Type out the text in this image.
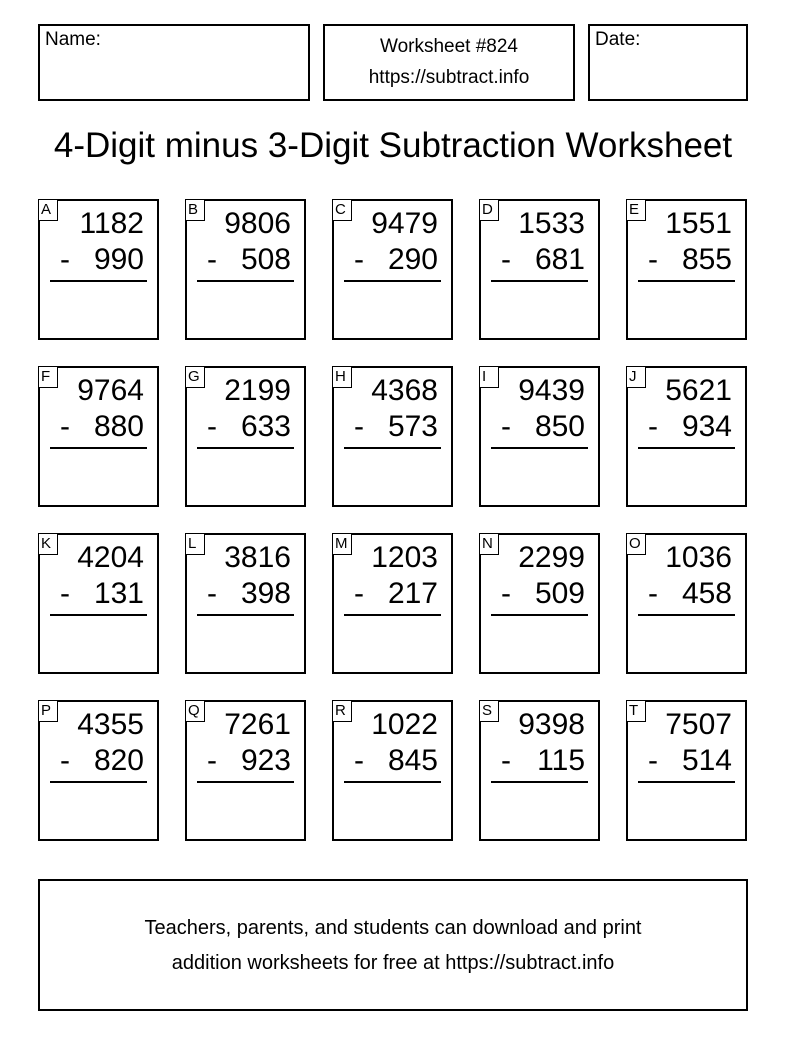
Name:	Worksheet #824
https://subtract.info
Date:
4-Digit minus 3-Digit Subtraction Worksheet
A 1182
- 990
B 9806
- 508
C 9479
- 290
D 1533
- 681
E 1551
- 855
F 9764
- 880
G 2199
- 633
H 4368
- 573
I	9439
- 850
J 5621
- 934
K 4204
- 131
L 3816
- 398
M 1203
- 217
N 2299
- 509
O 1036
- 458
P 4355
- 820
Q 7261
- 923
R 1022
- 845
S 9398
- 115
T 7507
- 514
Teachers, parents, and students can download and print
addition worksheets for free at https://subtract.info
